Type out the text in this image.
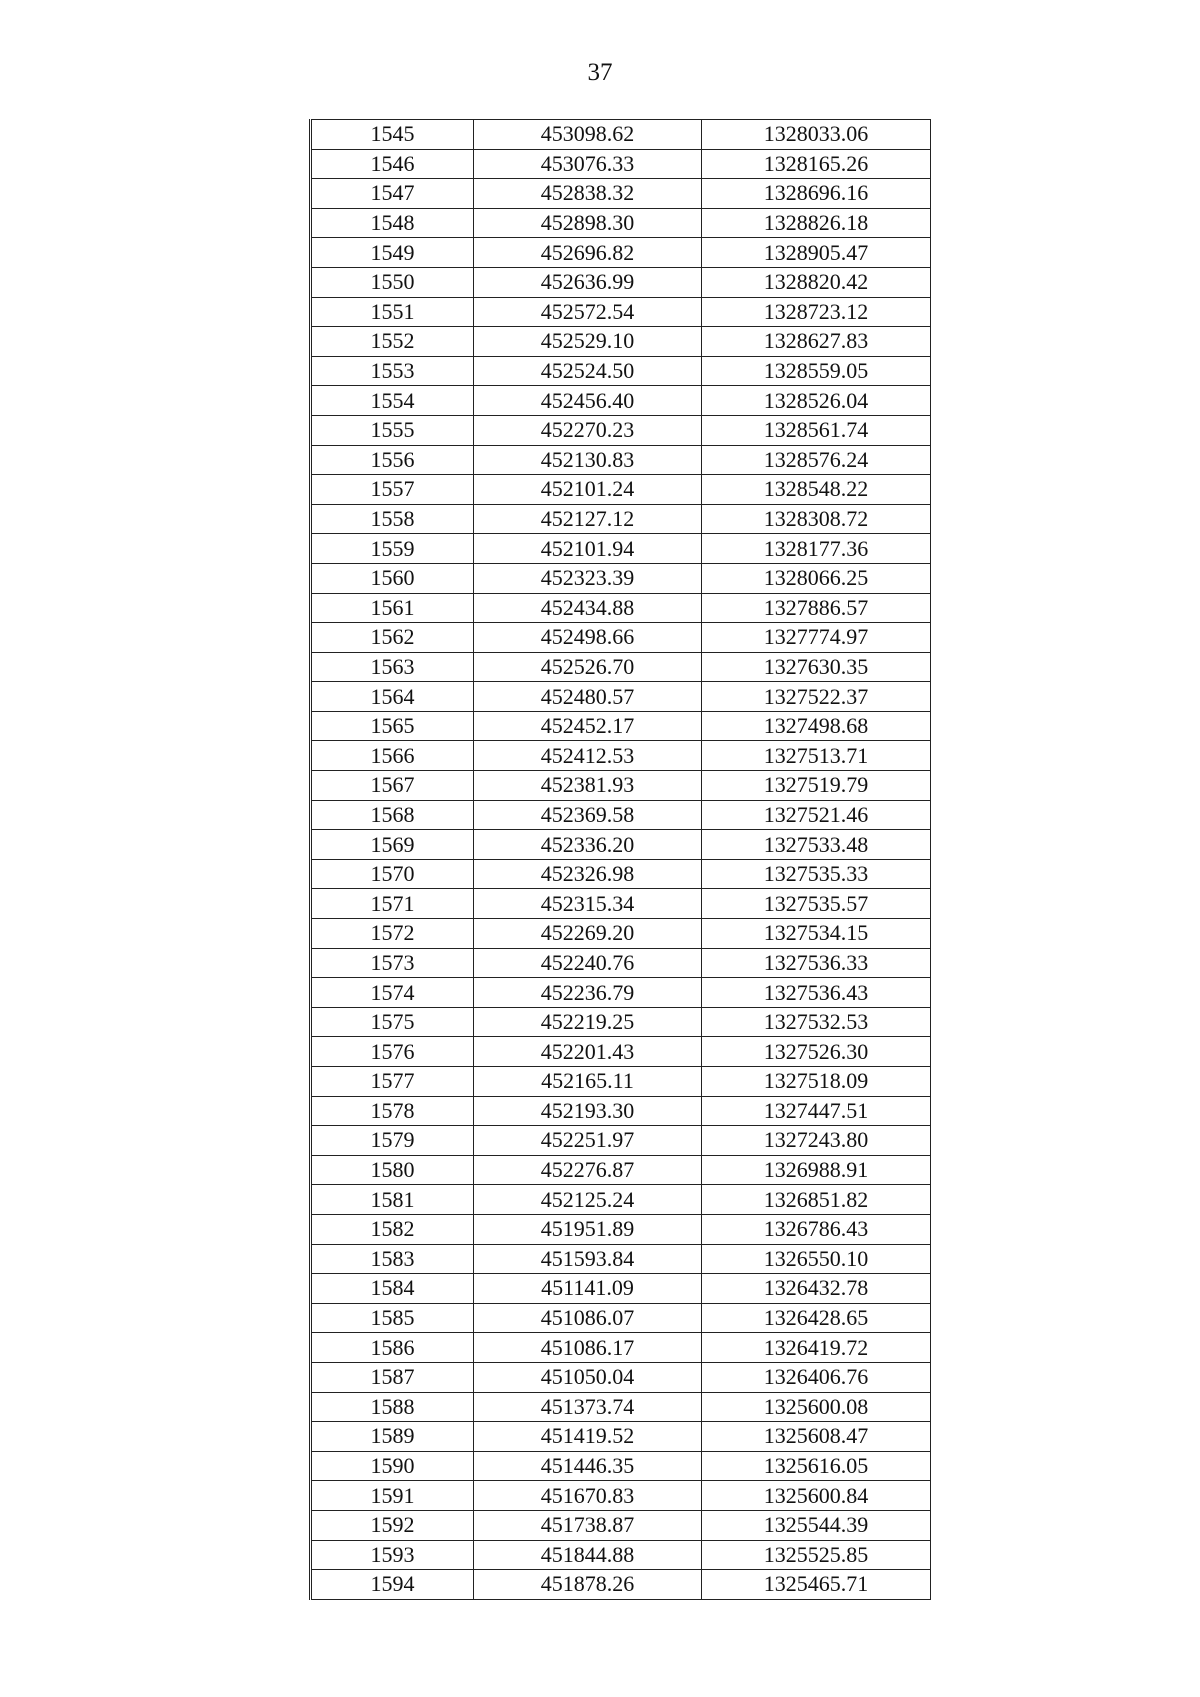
37
1545	453098.62	1328033.06
1546	453076.33	1328165.26
1547	452838.32	1328696.16
1548	452898.30	1328826.18
1549	452696.82	1328905.47
1550	452636.99	1328820.42
1551	452572.54	1328723.12
1552	452529.10	1328627.83
1553	452524.50	1328559.05
1554	452456.40	1328526.04
1555	452270.23	1328561.74
1556	452130.83	1328576.24
1557	452101.24	1328548.22
1558	452127.12	1328308.72
1559	452101.94	1328177.36
1560	452323.39	1328066.25
1561	452434.88	1327886.57
1562	452498.66	1327774.97
1563	452526.70	1327630.35
1564	452480.57	1327522.37
1565	452452.17	1327498.68
1566	452412.53	1327513.71
1567	452381.93	1327519.79
1568	452369.58	1327521.46
1569	452336.20	1327533.48
1570	452326.98	1327535.33
1571	452315.34	1327535.57
1572	452269.20	1327534.15
1573	452240.76	1327536.33
1574	452236.79	1327536.43
1575	452219.25	1327532.53
1576	452201.43	1327526.30
1577	452165.11	1327518.09
1578	452193.30	1327447.51
1579	452251.97	1327243.80
1580	452276.87	1326988.91
1581	452125.24	1326851.82
1582	451951.89	1326786.43
1583	451593.84	1326550.10
1584	451141.09	1326432.78
1585	451086.07	1326428.65
1586	451086.17	1326419.72
1587	451050.04	1326406.76
1588	451373.74	1325600.08
1589	451419.52	1325608.47
1590	451446.35	1325616.05
1591	451670.83	1325600.84
1592	451738.87	1325544.39
1593	451844.88	1325525.85
1594	451878.26	1325465.71
